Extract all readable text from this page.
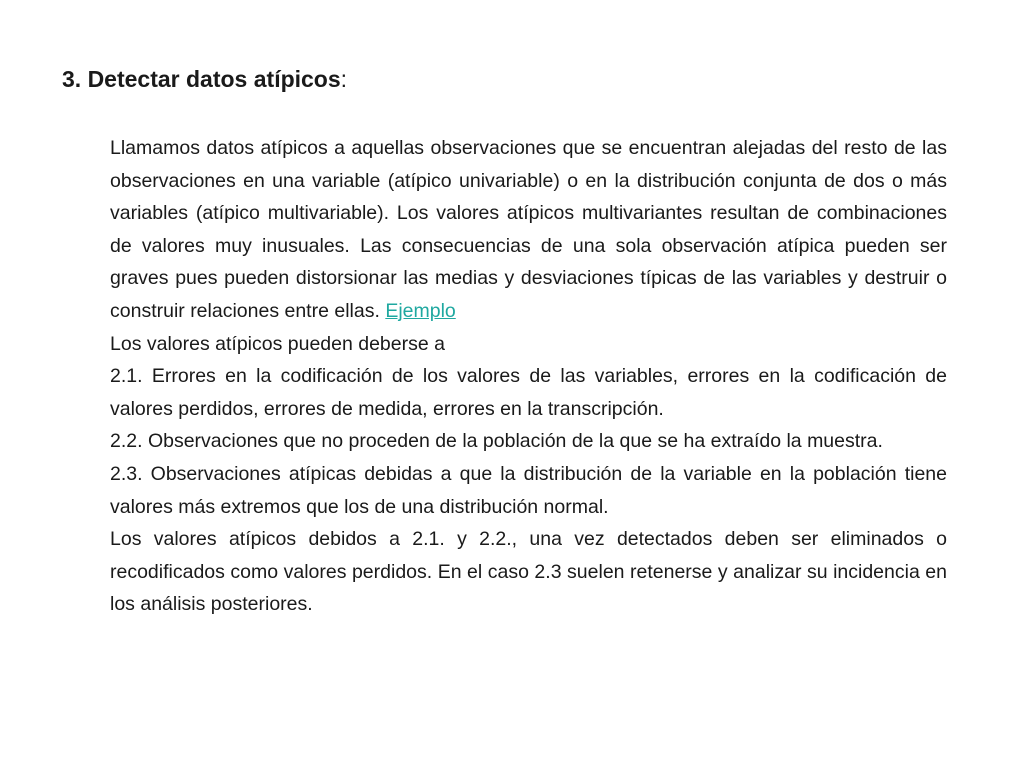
3. Detectar datos atípicos:

Llamamos datos atípicos a aquellas observaciones que se encuentran alejadas del resto de las observaciones en una variable (atípico univariable) o en la distribución conjunta de dos o más variables (atípico multivariable). Los valores atípicos multivariantes resultan de combinaciones de valores muy inusuales. Las consecuencias de una sola observación atípica pueden ser graves pues pueden distorsionar las medias y desviaciones típicas de las variables y destruir o construir relaciones entre ellas. Ejemplo

Los valores atípicos pueden deberse a

2.1. Errores en la codificación de los valores de las variables, errores en la codificación de valores perdidos, errores de medida, errores en la transcripción.

2.2. Observaciones que no proceden de la población de la que se ha extraído la muestra.

2.3. Observaciones atípicas debidas a que la distribución de la variable en la población tiene valores más extremos que los de una distribución normal.

Los valores atípicos debidos a 2.1. y 2.2., una vez detectados deben ser eliminados o recodificados como valores perdidos. En el caso 2.3 suelen retenerse y analizar su incidencia en los análisis posteriores.
